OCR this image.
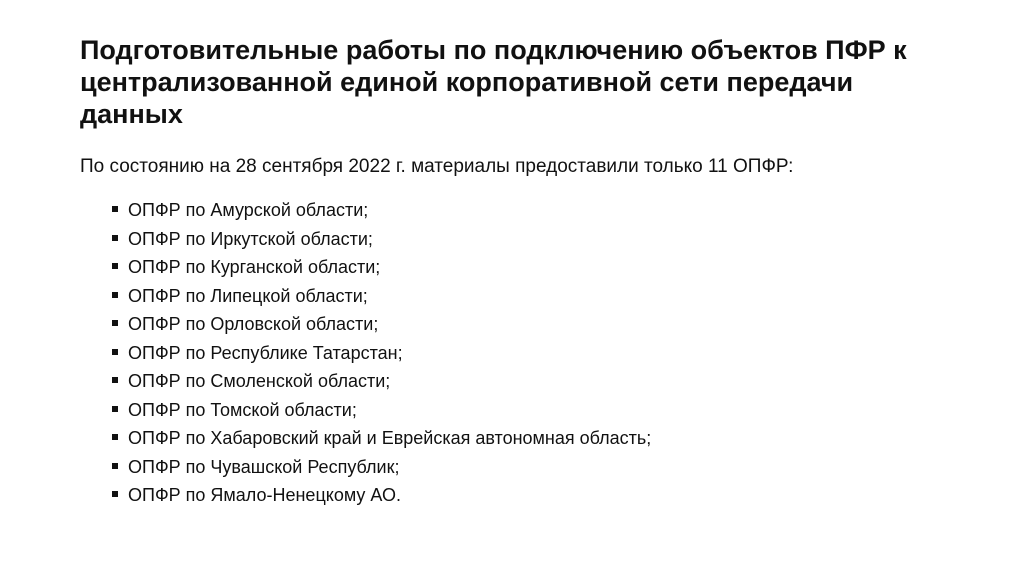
Подготовительные работы по подключению объектов ПФР к централизованной единой корпоративной сети передачи данных

По состоянию на 28 сентября 2022 г. материалы предоставили только 11 ОПФР:

ОПФР по Амурской области;
ОПФР по Иркутской области;
ОПФР по Курганской области;
ОПФР по Липецкой области;
ОПФР по Орловской области;
ОПФР по Республике Татарстан;
ОПФР по Смоленской области;
ОПФР по Томской области;
ОПФР по Хабаровский край и Еврейская автономная область;
ОПФР по Чувашской Республик;
ОПФР по Ямало-Ненецкому АО.
